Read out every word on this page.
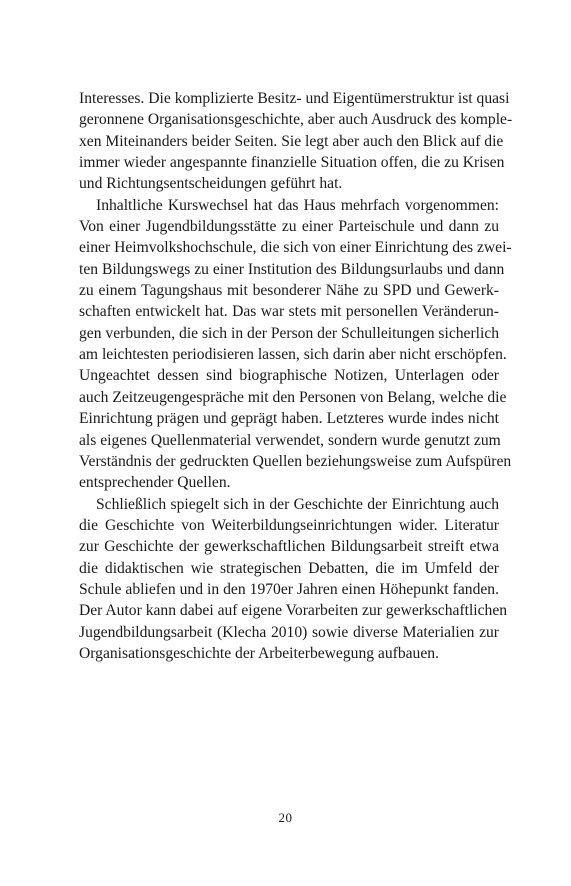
Interesses. Die komplizierte Besitz- und Eigentümerstruktur ist quasi
geronnene Organisationsgeschichte, aber auch Ausdruck des komple-
xen Miteinanders beider Seiten. Sie legt aber auch den Blick auf die
immer wieder angespannte finanzielle Situation offen, die zu Krisen
und Richtungsentscheidungen geführt hat.

Inhaltliche Kurswechsel hat das Haus mehrfach vorgenommen:
Von einer Jugendbildungsstätte zu einer Parteischule und dann zu
einer Heimvolkshochschule, die sich von einer Einrichtung des zwei-
ten Bildungswegs zu einer Institution des Bildungsurlaubs und dann
zu einem Tagungshaus mit besonderer Nähe zu SPD und Gewerk-
schaften entwickelt hat. Das war stets mit personellen Veränderun-
gen verbunden, die sich in der Person der Schulleitungen sicherlich
am leichtesten periodisieren lassen, sich darin aber nicht erschöpfen.
Ungeachtet dessen sind biographische Notizen, Unterlagen oder
auch Zeitzeugengespräche mit den Personen von Belang, welche die
Einrichtung prägen und geprägt haben. Letzteres wurde indes nicht
als eigenes Quellenmaterial verwendet, sondern wurde genutzt zum
Verständnis der gedruckten Quellen beziehungsweise zum Aufspüren
entsprechender Quellen.

Schließlich spiegelt sich in der Geschichte der Einrichtung auch
die Geschichte von Weiterbildungseinrichtungen wider. Literatur
zur Geschichte der gewerkschaftlichen Bildungsarbeit streift etwa
die didaktischen wie strategischen Debatten, die im Umfeld der
Schule abliefen und in den 1970er Jahren einen Höhepunkt fanden.
Der Autor kann dabei auf eigene Vorarbeiten zur gewerkschaftlichen
Jugendbildungsarbeit (Klecha 2010) sowie diverse Materialien zur
Organisationsgeschichte der Arbeiterbewegung aufbauen.

20
